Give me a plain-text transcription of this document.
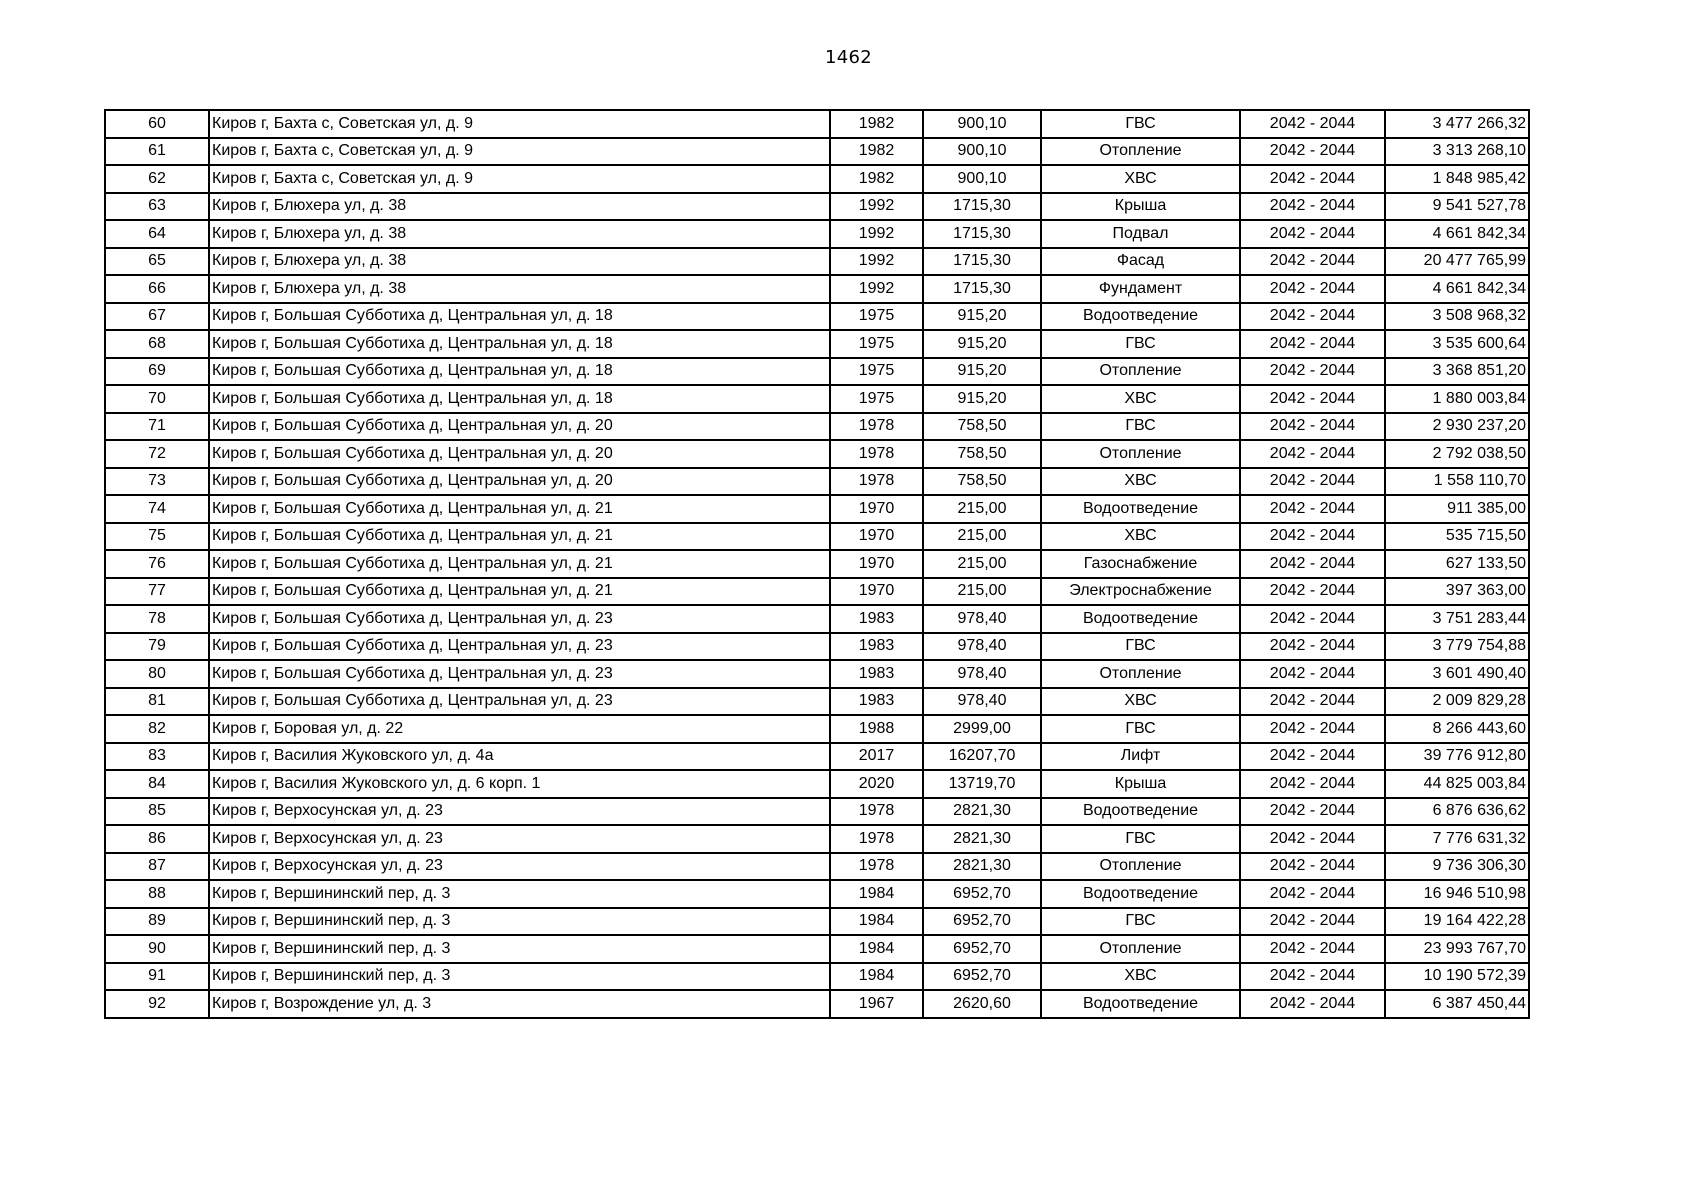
1462
60	Киров г, Бахта с, Советская ул, д. 9	1982	900,10	ГВС	2042 - 2044	3 477 266,32
61	Киров г, Бахта с, Советская ул, д. 9	1982	900,10	Отопление	2042 - 2044	3 313 268,10
62	Киров г, Бахта с, Советская ул, д. 9	1982	900,10	ХВС	2042 - 2044	1 848 985,42
63	Киров г, Блюхера ул, д. 38	1992	1715,30	Крыша	2042 - 2044	9 541 527,78
64	Киров г, Блюхера ул, д. 38	1992	1715,30	Подвал	2042 - 2044	4 661 842,34
65	Киров г, Блюхера ул, д. 38	1992	1715,30	Фасад	2042 - 2044	20 477 765,99
66	Киров г, Блюхера ул, д. 38	1992	1715,30	Фундамент	2042 - 2044	4 661 842,34
67	Киров г, Большая Субботиха д, Центральная ул, д. 18	1975	915,20	Водоотведение	2042 - 2044	3 508 968,32
68	Киров г, Большая Субботиха д, Центральная ул, д. 18	1975	915,20	ГВС	2042 - 2044	3 535 600,64
69	Киров г, Большая Субботиха д, Центральная ул, д. 18	1975	915,20	Отопление	2042 - 2044	3 368 851,20
70	Киров г, Большая Субботиха д, Центральная ул, д. 18	1975	915,20	ХВС	2042 - 2044	1 880 003,84
71	Киров г, Большая Субботиха д, Центральная ул, д. 20	1978	758,50	ГВС	2042 - 2044	2 930 237,20
72	Киров г, Большая Субботиха д, Центральная ул, д. 20	1978	758,50	Отопление	2042 - 2044	2 792 038,50
73	Киров г, Большая Субботиха д, Центральная ул, д. 20	1978	758,50	ХВС	2042 - 2044	1 558 110,70
74	Киров г, Большая Субботиха д, Центральная ул, д. 21	1970	215,00	Водоотведение	2042 - 2044	911 385,00
75	Киров г, Большая Субботиха д, Центральная ул, д. 21	1970	215,00	ХВС	2042 - 2044	535 715,50
76	Киров г, Большая Субботиха д, Центральная ул, д. 21	1970	215,00	Газоснабжение	2042 - 2044	627 133,50
77	Киров г, Большая Субботиха д, Центральная ул, д. 21	1970	215,00	Электроснабжение	2042 - 2044	397 363,00
78	Киров г, Большая Субботиха д, Центральная ул, д. 23	1983	978,40	Водоотведение	2042 - 2044	3 751 283,44
79	Киров г, Большая Субботиха д, Центральная ул, д. 23	1983	978,40	ГВС	2042 - 2044	3 779 754,88
80	Киров г, Большая Субботиха д, Центральная ул, д. 23	1983	978,40	Отопление	2042 - 2044	3 601 490,40
81	Киров г, Большая Субботиха д, Центральная ул, д. 23	1983	978,40	ХВС	2042 - 2044	2 009 829,28
82	Киров г, Боровая ул, д. 22	1988	2999,00	ГВС	2042 - 2044	8 266 443,60
83	Киров г, Василия Жуковского ул, д. 4а	2017	16207,70	Лифт	2042 - 2044	39 776 912,80
84	Киров г, Василия Жуковского ул, д. 6 корп. 1	2020	13719,70	Крыша	2042 - 2044	44 825 003,84
85	Киров г, Верхосунская ул, д. 23	1978	2821,30	Водоотведение	2042 - 2044	6 876 636,62
86	Киров г, Верхосунская ул, д. 23	1978	2821,30	ГВС	2042 - 2044	7 776 631,32
87	Киров г, Верхосунская ул, д. 23	1978	2821,30	Отопление	2042 - 2044	9 736 306,30
88	Киров г, Вершининский пер, д. 3	1984	6952,70	Водоотведение	2042 - 2044	16 946 510,98
89	Киров г, Вершининский пер, д. 3	1984	6952,70	ГВС	2042 - 2044	19 164 422,28
90	Киров г, Вершининский пер, д. 3	1984	6952,70	Отопление	2042 - 2044	23 993 767,70
91	Киров г, Вершининский пер, д. 3	1984	6952,70	ХВС	2042 - 2044	10 190 572,39
92	Киров г, Возрождение ул, д. 3	1967	2620,60	Водоотведение	2042 - 2044	6 387 450,44
